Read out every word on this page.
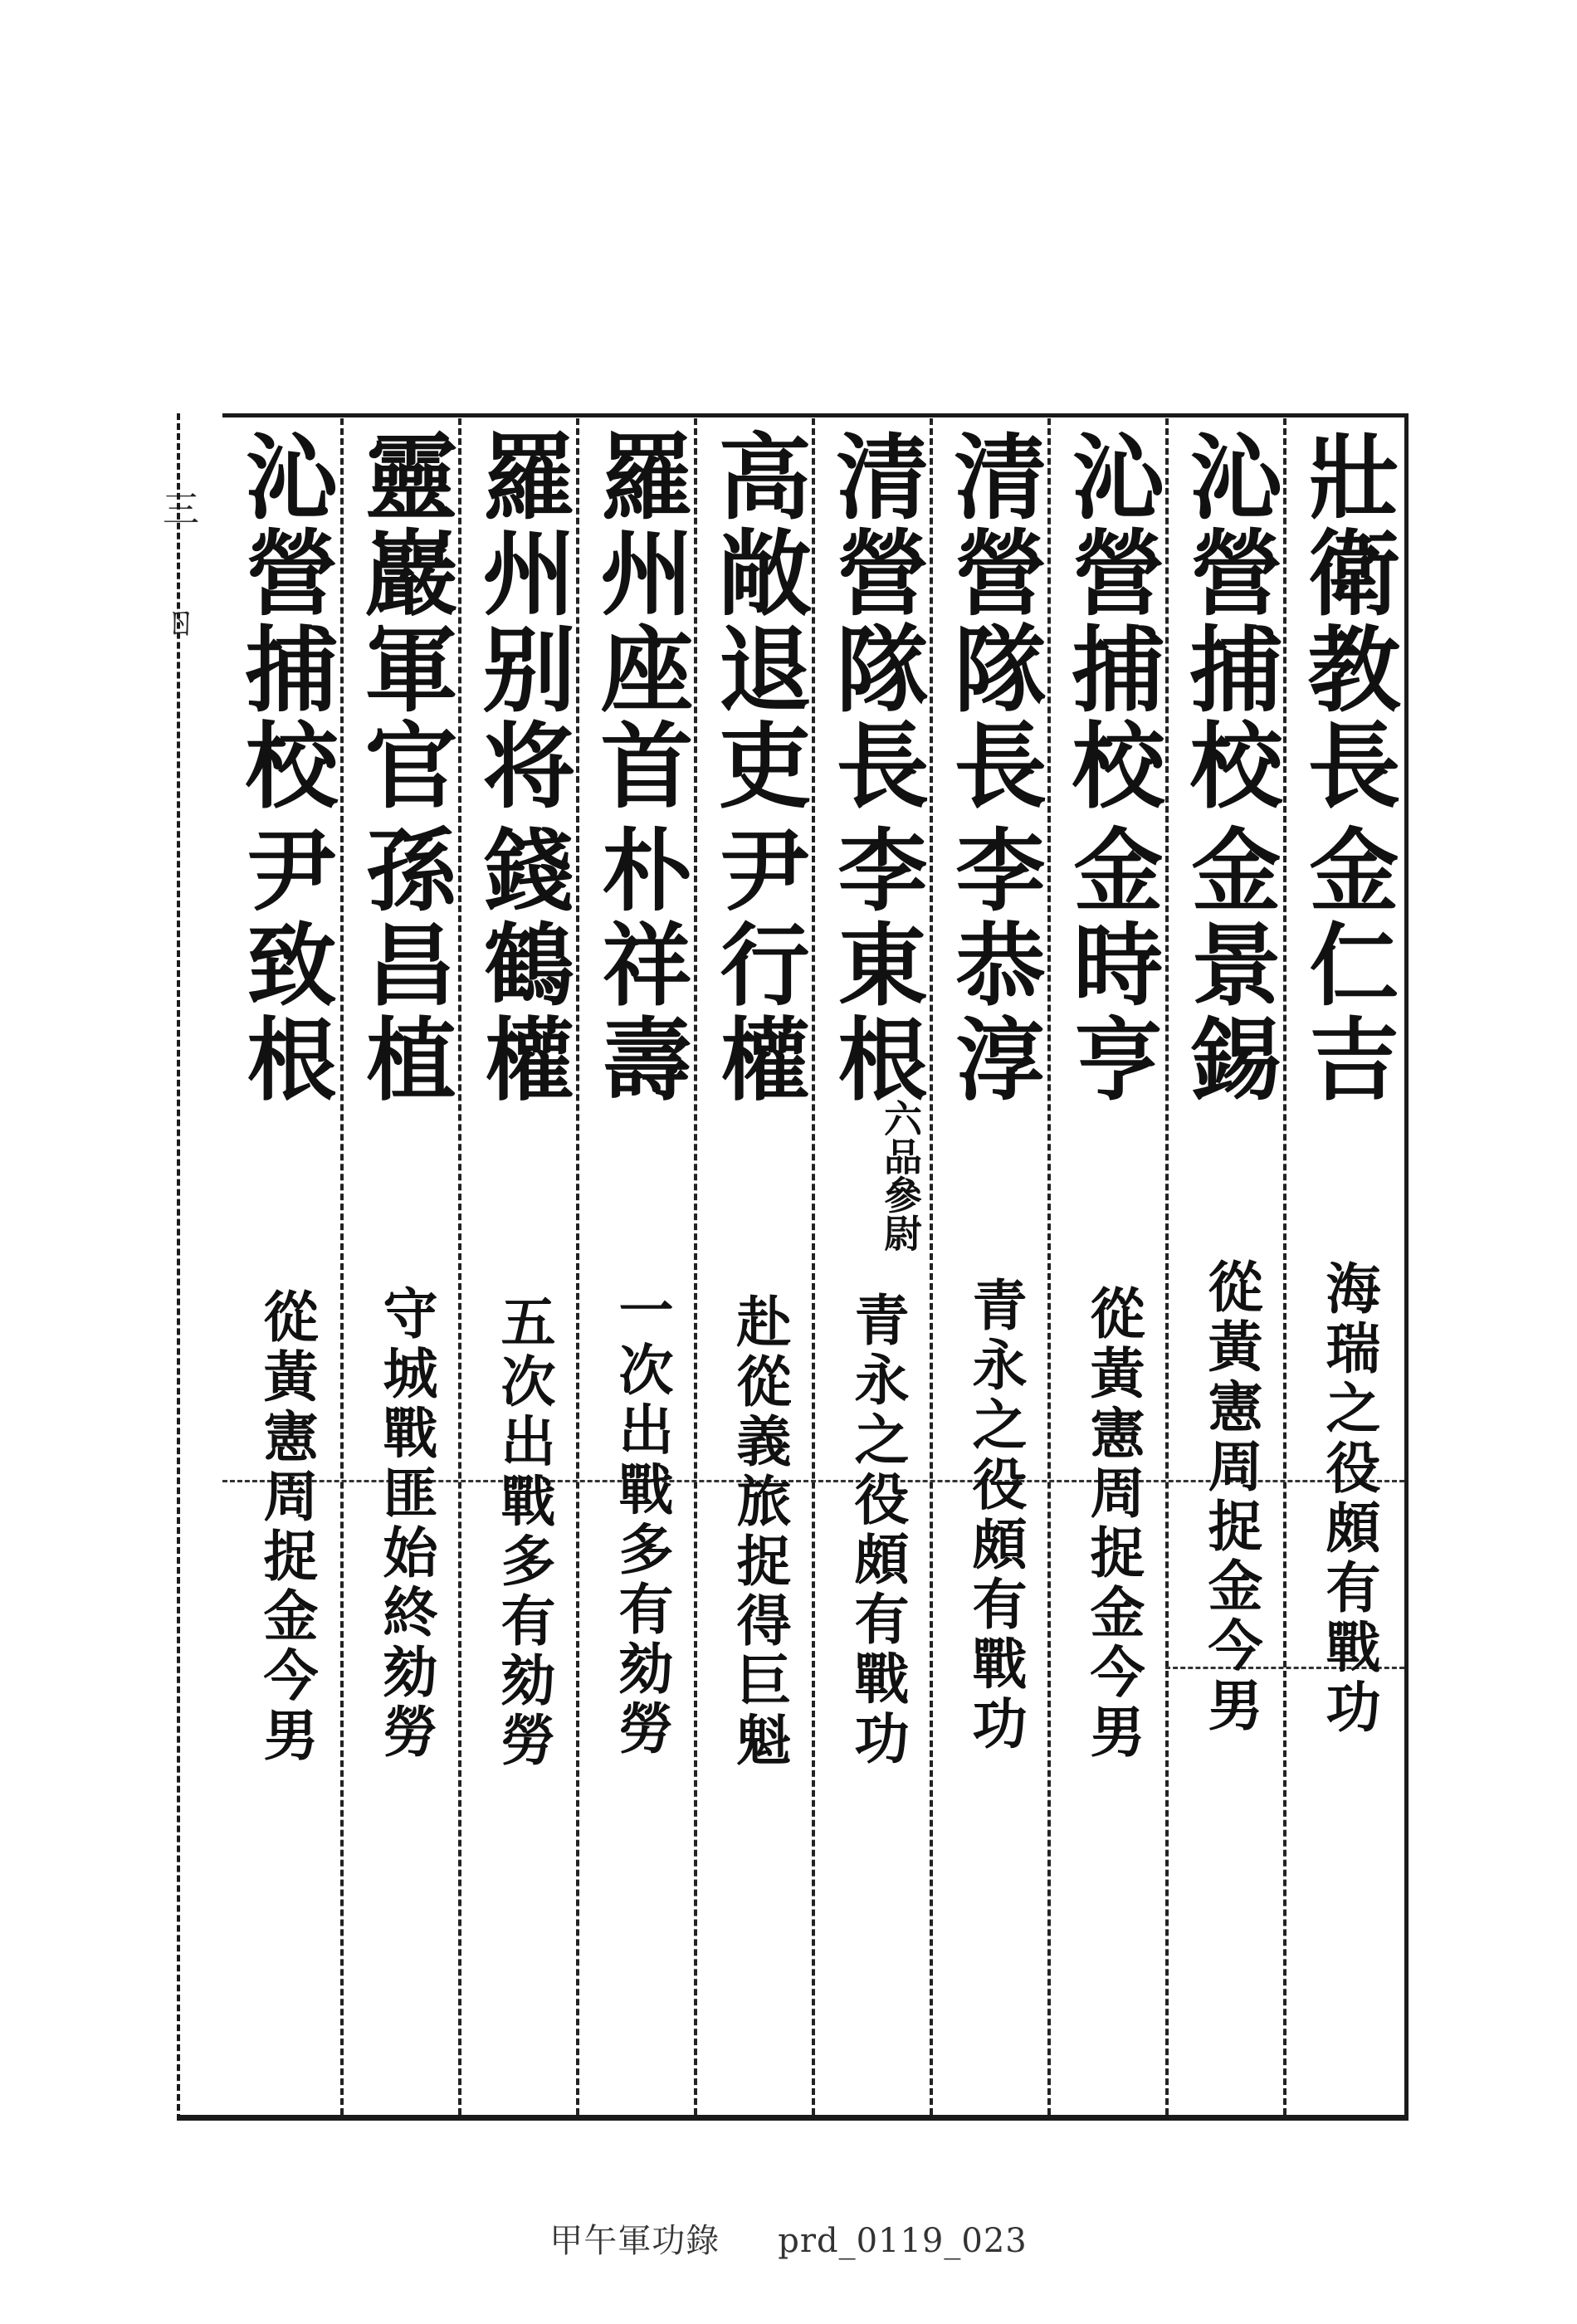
三 ㄖ	壯衛教長
金仁吉
海瑞之役頗有戰功
沁營捕校
金景錫
從黃憲周捉金今男
沁營捕校
金時亨
從黃憲周捉金今男
清營隊長
李恭淳
青永之役頗有戰功
清營隊長
李東根
六品參尉
青永之役頗有戰功
高敞退吏
尹行權
赴從義旅捉得巨魁
羅州座首
朴祥壽
一次出戰多有劾勞
羅州别将
錢鶴權
五次出戰多有劾勞
靈巖軍官
孫昌植
守城戰匪始終劾勞
沁營捕校
尹致根
從黃憲周捉金今男
甲午軍功錄 prd_0119_023
